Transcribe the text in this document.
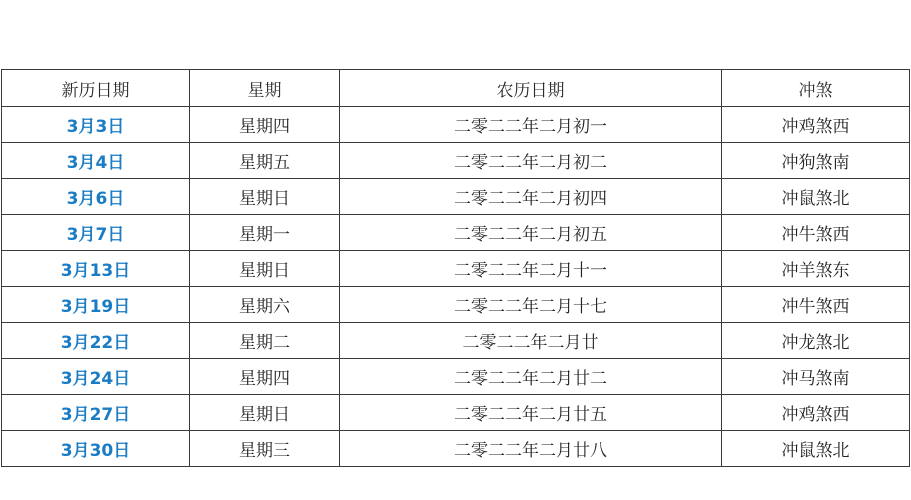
新历日期	星期	农历日期	冲煞
3月3日	星期四	二零二二年二月初一	冲鸡煞西
3月4日	星期五	二零二二年二月初二	冲狗煞南
3月6日	星期日	二零二二年二月初四	冲鼠煞北
3月7日	星期一	二零二二年二月初五	冲牛煞西
3月13日	星期日	二零二二年二月十一	冲羊煞东
3月19日	星期六	二零二二年二月十七	冲牛煞西
3月22日	星期二	二零二二年二月廿	冲龙煞北
3月24日	星期四	二零二二年二月廿二	冲马煞南
3月27日	星期日	二零二二年二月廿五	冲鸡煞西
3月30日	星期三	二零二二年二月廿八	冲鼠煞北
